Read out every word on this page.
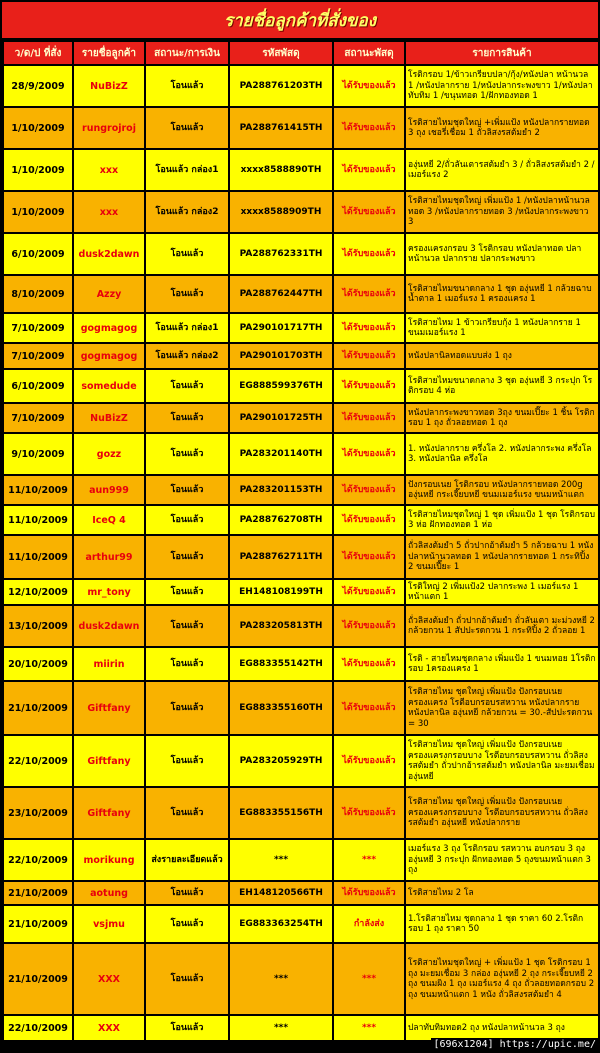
รายชื่อลูกค้าที่สั่งของ
ว/ด/ป ที่สั่ง	รายชื่อลูกค้า	สถานะ/การเงิน	รหัสพัสดุ	สถานะพัสดุ	รายการสินค้า
28/9/2009	NuBizZ	โอนแล้ว	PA288761203TH	ได้รับของแล้ว	โรติกรอบ 1/ข้าวเกรียบปลา/กุ้ง/หนังปลา หน้านวล 1 /หนังปลากราย 1/หนังปลากระพงขาว 1/หนังปลาทับทิม 1 /ขนุนทอด 1/ฝักทองทอด 1
1/10/2009	rungrojroj	โอนแล้ว	PA288761415TH	ได้รับของแล้ว	โรติสายไหมชุดใหญ่ +เพิ่มแป้ง หนังปลากรายทอด 3 ถุง เชอรี่เชื่อม 1 ถั่วลิสงรสต้มยำ 2
1/10/2009	xxx	โอนแล้ว กล่อง1	xxxx8588890TH	ได้รับของแล้ว	องุ่นหยี 2/ถั่วลันเตารสต้มยำ 3 / ถั่วลิสงรสต้มยำ 2 /เมอร์แรง 2
1/10/2009	xxx	โอนแล้ว กล่อง2	xxxx8588909TH	ได้รับของแล้ว	โรติสายไหมชุดใหญ่ เพิ่มแป้ง 1 /หนังปลาหน้านวลทอด 3 /หนังปลากรายทอด 3 /หนังปลากระพงขาว 3
6/10/2009	dusk2dawn	โอนแล้ว	PA288762331TH	ได้รับของแล้ว	ครองแครงกรอบ 3 โรติกรอบ หนังปลาทอด ปลาหน้านวล ปลากราย ปลากระพงขาว
8/10/2009	Azzy	โอนแล้ว	PA288762447TH	ได้รับของแล้ว	โรติสายไหมขนาดกลาง 1 ชุด องุ่นหยี 1 กล้วยฉาบน้ำตาล 1 เมอร์แรง 1 ครองแครง 1
7/10/2009	gogmagog	โอนแล้ว กล่อง1	PA290101717TH	ได้รับของแล้ว	โรติสายไหม 1 ข้าวเกรียบกุ้ง 1 หนังปลากราย 1 ขนมเมอร์แรง 1
7/10/2009	gogmagog	โอนแล้ว กล่อง2	PA290101703TH	ได้รับของแล้ว	หนังปลานิลทอดแบบส่ง 1 ถุง
6/10/2009	somedude	โอนแล้ว	EG888599376TH	ได้รับของแล้ว	โรติสายไหมขนาดกลาง 3 ชุด องุ่นหยี 3 กระปุก โรติกรอบ 4 ห่อ
7/10/2009	NuBizZ	โอนแล้ว	PA290101725TH	ได้รับของแล้ว	หนังปลากระพงขาวทอด 3ถุง ขนมเปี๊ยะ 1 ชิ้น โรติกรอบ 1 ถุง ถั่วลอยทอด 1 ถุง
9/10/2009	gozz	โอนแล้ว	PA283201140TH	ได้รับของแล้ว	1. หนังปลากราย ครึ่งโล 2. หนังปลากระพง ครึ่งโล 3. หนังปลานิล ครึ่งโล
11/10/2009	aun999	โอนแล้ว	PA283201153TH	ได้รับของแล้ว	ปังกรอบเนย โรติกรอบ หนังปลากรายทอด 200g องุ่นหยี กระเจี๊ยบหยี ขนมเมอร์แรง ขนมหน้าแตก
11/10/2009	IceQ 4	โอนแล้ว	PA288762708TH	ได้รับของแล้ว	โรติสายไหมชุดใหญ่ 1 ชุด เพิ่มแป้ง 1 ชุด โรติกรอบ 3 ห่อ ฝักทองทอด 1 ห่อ
11/10/2009	arthur99	โอนแล้ว	PA288762711TH	ได้รับของแล้ว	ถั่วลิสงต้มยำ 5 ถั่วปากอ้าต้มยำ 5 กล้วยฉาบ 1 หนังปลาหน้านวลทอด 1 หนังปลากรายทอด 1 กระทิปิ้ง 2 ขนมเปี๊ยะ 1
12/10/2009	mr_tony	โอนแล้ว	EH148108199TH	ได้รับของแล้ว	โรติใหญ่ 2 เพิ่มแป้ง2 ปลากระพง 1 เมอร์แรง 1 หน้าแตก 1
13/10/2009	dusk2dawn	โอนแล้ว	PA283205813TH	ได้รับของแล้ว	ถั่วลิสงต้มยำ ถั่วปากอ้าต้มยำ ถั่วลันเตา มะม่วงหยี 2 กล้วยกวน 1 สัปปะรดกวน 1 กระทิปิ้ง 2 ถั่วลอย 1
20/10/2009	miirin	โอนแล้ว	EG883355142TH	ได้รับของแล้ว	โรติ - สายไหมชุดกลาง เพิ่มแป้ง 1 ขนมหอย 1โรติกรอบ 1ครองแครง 1
21/10/2009	Giftfany	โอนแล้ว	EG883355160TH	ได้รับของแล้ว	โรติสายไหม ชุดใหญ่ เพิ่มแป้ง ปังกรอบเนย ครองแครง โรตีอบกรอบรสหวาน หนังปลากราย หนังปลานิล องุ่นหยี กล้วยกวน = 30.-สัปปะรดกวน = 30
22/10/2009	Giftfany	โอนแล้ว	PA283205929TH	ได้รับของแล้ว	โรติสายไหม ชุดใหญ่ เพิ่มแป้ง ปังกรอบเนย ครองแครงกรอบบาง โรตีอบกรอบรสหวาน ถั่วลิสงรสต้มยำ ถั่วปากอ้ารสต้มยำ หนังปลานิล มะยมเชื่อม องุ่นหยี
23/10/2009	Giftfany	โอนแล้ว	EG883355156TH	ได้รับของแล้ว	โรติสายไหม ชุดใหญ่ เพิ่มแป้ง ปังกรอบเนย ครองแครงกรอบบาง โรตีอบกรอบรสหวาน ถั่วลิสงรสต้มยำ องุ่นหยี หนังปลากราย
22/10/2009	morikung	ส่งรายละเอียดแล้ว	***	***	เมอร์แรง 3 ถุง โรติกรอบ รสหวาน อบกรอบ 3 ถุง องุ่นหยี 3 กระปุก ฝักทองทอด 5 ถุงขนมหน้าแตก 3 ถุง
21/10/2009	aotung	โอนแล้ว	EH148120566TH	ได้รับของแล้ว	โรติสายไหม 2 โล
21/10/2009	vsjmu	โอนแล้ว	EG883363254TH	กำลังส่ง	1.โรติสายไหม ชุดกลาง 1 ชุด ราคา 60 2.โรติกรอบ 1 ถุง ราคา 50
21/10/2009	XXX	โอนแล้ว	***	***	โรติสายไหมชุดใหญ่ + เพิ่มแป้ง 1 ชุด โรติกรอบ 1 ถุง มะยมเชื่อม 3 กล่อง องุ่นหยี 2 ถุง กระเจี๊ยบหยี 2 ถุง ขนมผิง 1 ถุง เมอร์แรง 4 ถุง ถั่วลอยทอดกรอบ 2 ถุง ขนมหน้าแตก 1 หนัง ถั่วลิสงรสต้มยำ 4
22/10/2009	XXX	โอนแล้ว	***	***	ปลาทับทิมทอด2 ถุง หนังปลาหน้านวล 3 ถุง
[696x1204] https://upic.me/
